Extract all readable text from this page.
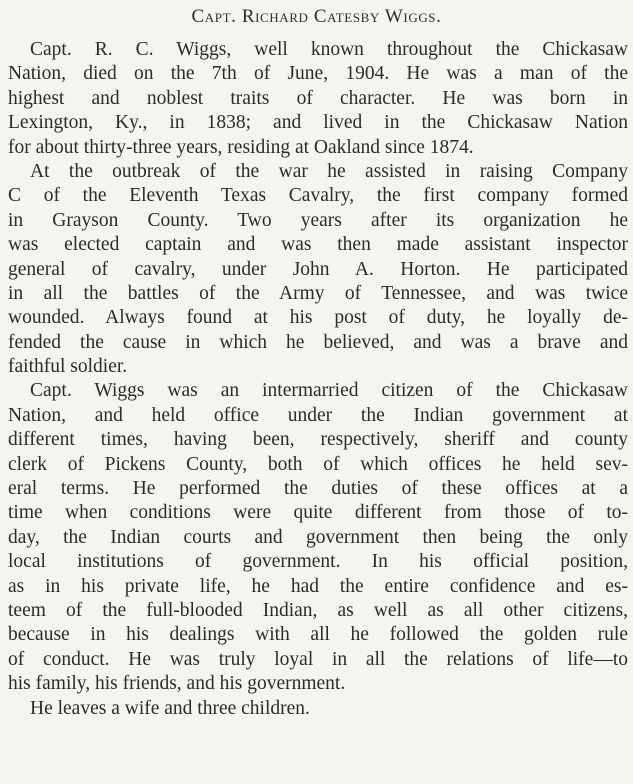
Capt. Richard Catesby Wiggs.
Capt. R. C. Wiggs, well known throughout the Chickasaw
Nation, died on the 7th of June, 1904. He was a man of the
highest and noblest traits of character. He was born in
Lexington, Ky., in 1838; and lived in the Chickasaw Nation
for about thirty-three years, residing at Oakland since 1874.
At the outbreak of the war he assisted in raising Company
C of the Eleventh Texas Cavalry, the first company formed
in Grayson County. Two years after its organization he
was elected captain and was then made assistant inspector
general of cavalry, under John A. Horton. He participated
in all the battles of the Army of Tennessee, and was twice
wounded. Always found at his post of duty, he loyally de-
fended the cause in which he believed, and was a brave and
faithful soldier.
Capt. Wiggs was an intermarried citizen of the Chickasaw
Nation, and held office under the Indian government at
different times, having been, respectively, sheriff and county
clerk of Pickens County, both of which offices he held sev-
eral terms. He performed the duties of these offices at a
time when conditions were quite different from those of to-
day, the Indian courts and government then being the only
local institutions of government. In his official position,
as in his private life, he had the entire confidence and es-
teem of the full-blooded Indian, as well as all other citizens,
because in his dealings with all he followed the golden rule
of conduct. He was truly loyal in all the relations of life—to
his family, his friends, and his government.
He leaves a wife and three children.
